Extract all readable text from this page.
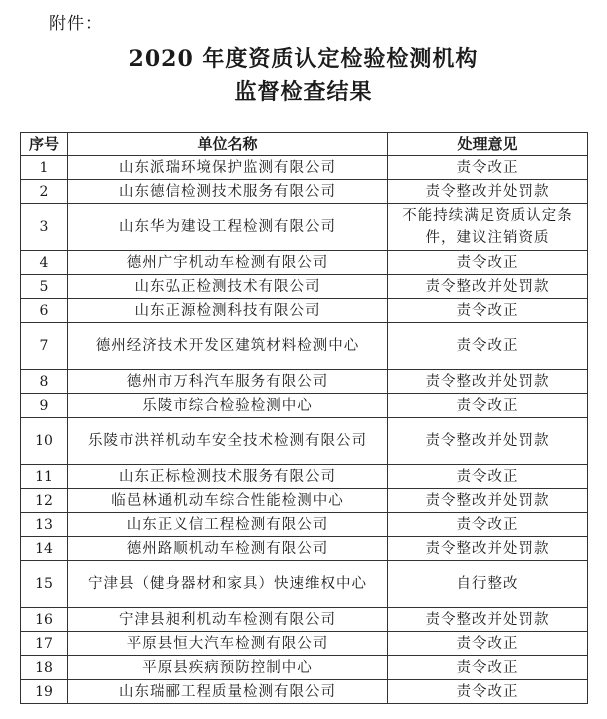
附件：
2020 年度资质认定检验检测机构
监督检查结果
序号	单位名称	处理意见
1	山东派瑞环境保护监测有限公司	责令改正
2	山东德信检测技术服务有限公司	责令整改并处罚款
3	山东华为建设工程检测有限公司	不能持续满足资质认定条件，建议注销资质
4	德州广宇机动车检测有限公司	责令改正
5	山东弘正检测技术有限公司	责令整改并处罚款
6	山东正源检测科技有限公司	责令改正
7	德州经济技术开发区建筑材料检测中心	责令改正
8	德州市万科汽车服务有限公司	责令整改并处罚款
9	乐陵市综合检验检测中心	责令改正
10	乐陵市洪祥机动车安全技术检测有限公司	责令整改并处罚款
11	山东正标检测技术服务有限公司	责令改正
12	临邑林通机动车综合性能检测中心	责令整改并处罚款
13	山东正义信工程检测有限公司	责令改正
14	德州路顺机动车检测有限公司	责令整改并处罚款
15	宁津县（健身器材和家具）快速维权中心	自行整改
16	宁津县昶利机动车检测有限公司	责令整改并处罚款
17	平原县恒大汽车检测有限公司	责令改正
18	平原县疾病预防控制中心	责令改正
19	山东瑞郦工程质量检测有限公司	责令改正
